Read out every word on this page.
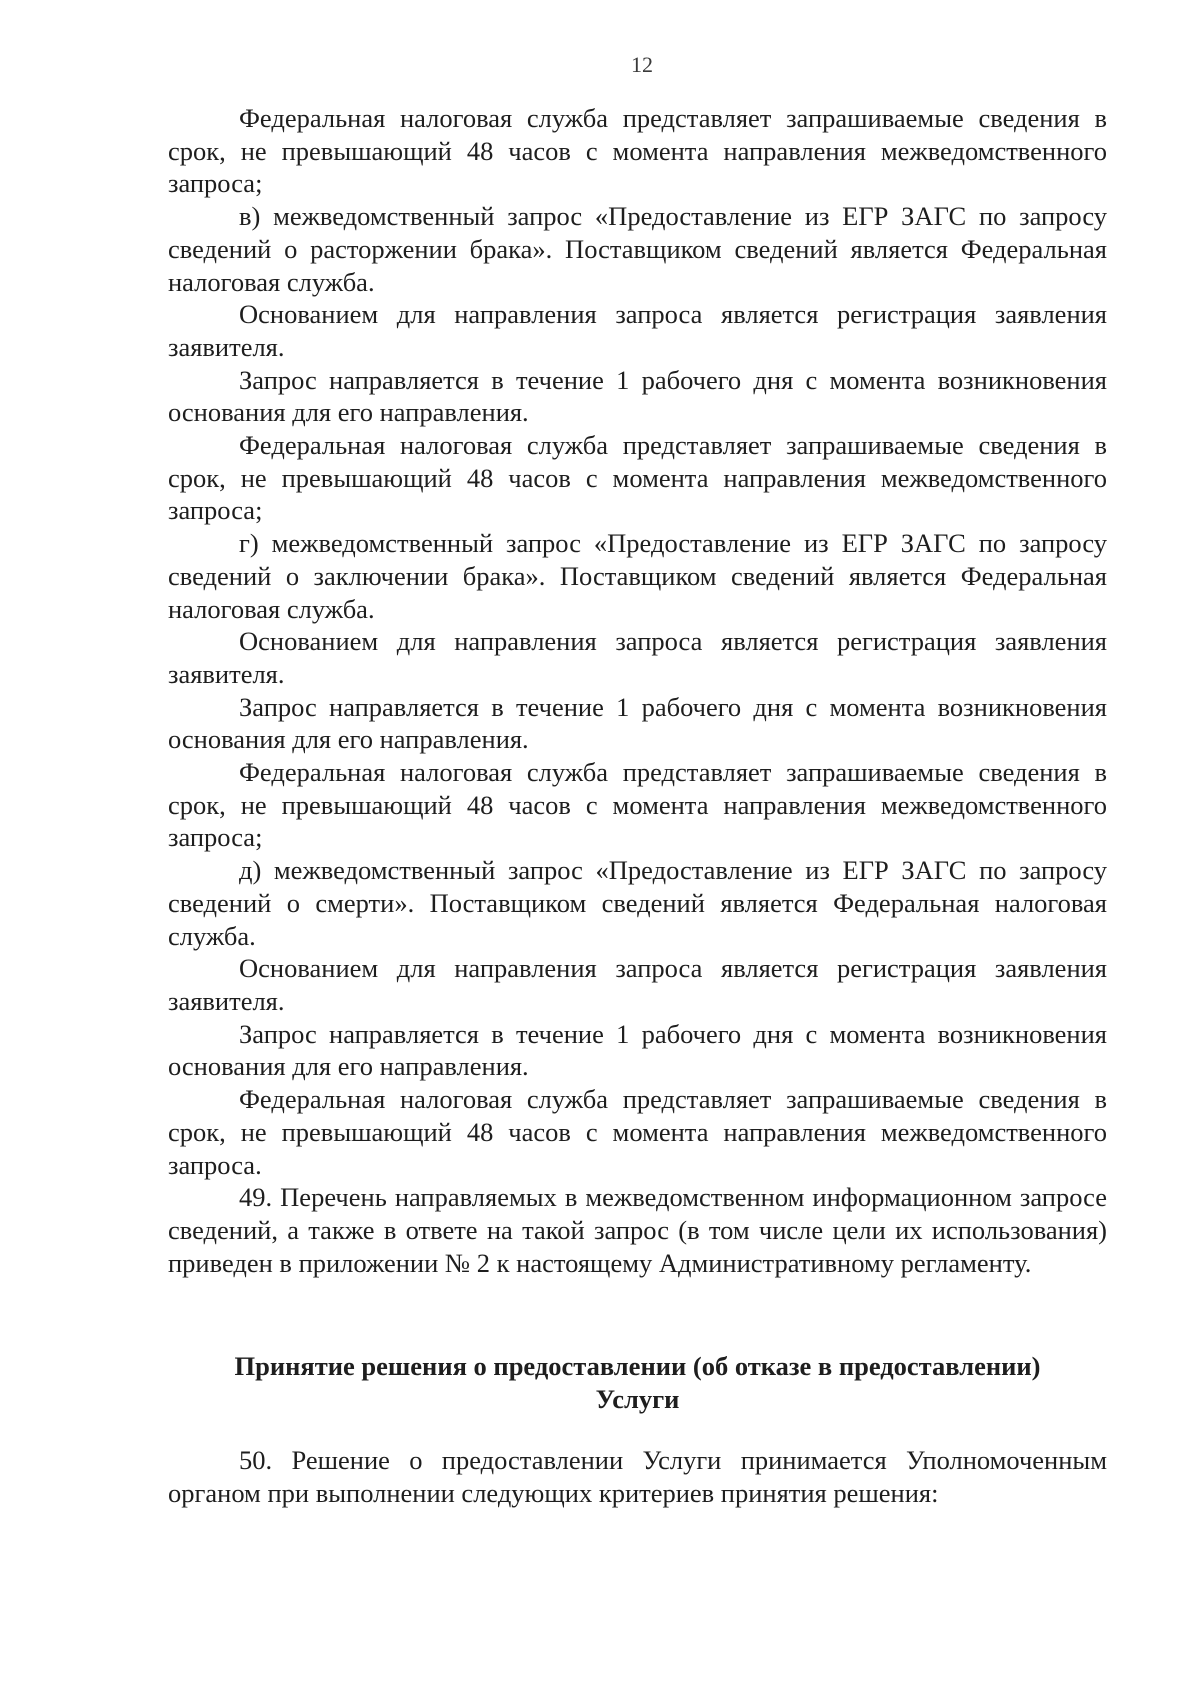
12

Федеральная налоговая служба представляет запрашиваемые сведения в срок, не превышающий 48 часов с момента направления межведомственного запроса;

в) межведомственный запрос «Предоставление из ЕГР ЗАГС по запросу сведений о расторжении брака». Поставщиком сведений является Федеральная налоговая служба.

Основанием для направления запроса является регистрация заявления заявителя.

Запрос направляется в течение 1 рабочего дня с момента возникновения основания для его направления.

Федеральная налоговая служба представляет запрашиваемые сведения в срок, не превышающий 48 часов с момента направления межведомственного запроса;

г) межведомственный запрос «Предоставление из ЕГР ЗАГС по запросу сведений о заключении брака». Поставщиком сведений является Федеральная налоговая служба.

Основанием для направления запроса является регистрация заявления заявителя.

Запрос направляется в течение 1 рабочего дня с момента возникновения основания для его направления.

Федеральная налоговая служба представляет запрашиваемые сведения в срок, не превышающий 48 часов с момента направления межведомственного запроса;

д) межведомственный запрос «Предоставление из ЕГР ЗАГС по запросу сведений о смерти». Поставщиком сведений является Федеральная налоговая служба.

Основанием для направления запроса является регистрация заявления заявителя.

Запрос направляется в течение 1 рабочего дня с момента возникновения основания для его направления.

Федеральная налоговая служба представляет запрашиваемые сведения в срок, не превышающий 48 часов с момента направления межведомственного запроса.

49. Перечень направляемых в межведомственном информационном запросе сведений, а также в ответе на такой запрос (в том числе цели их использования) приведен в приложении № 2 к настоящему Административному регламенту.

Принятие решения о предоставлении (об отказе в предоставлении)

Услуги

50. Решение о предоставлении Услуги принимается Уполномоченным органом при выполнении следующих критериев принятия решения:
